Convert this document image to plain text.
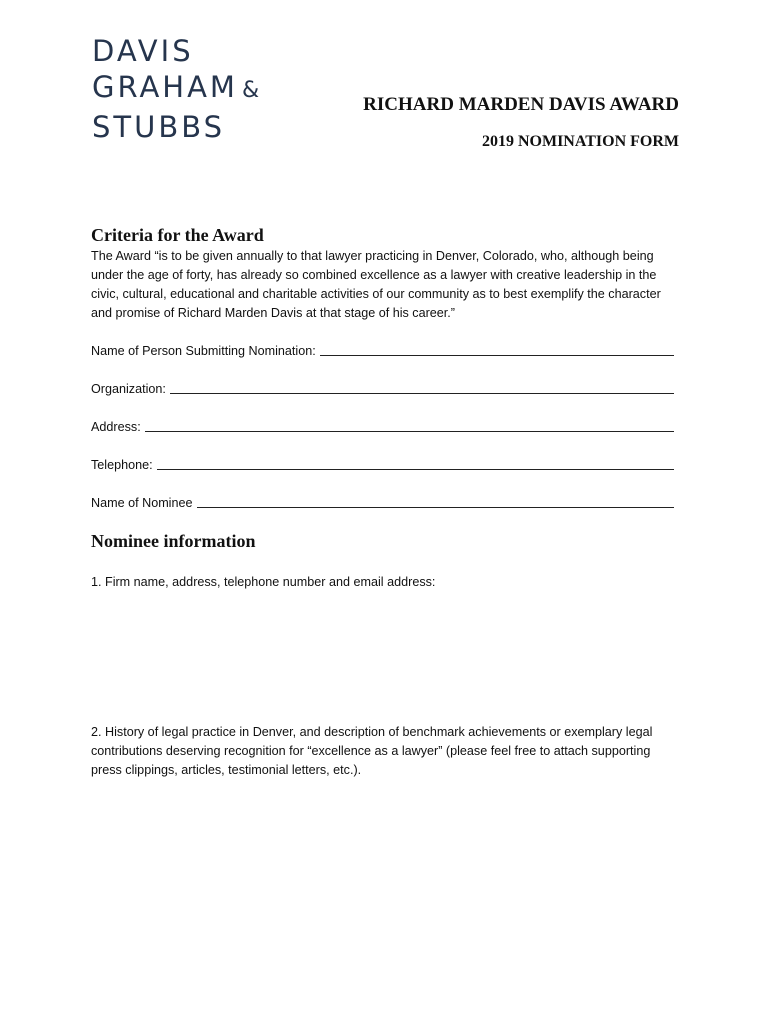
DAVIS
GRAHAM &
STUBBS
RICHARD MARDEN DAVIS AWARD
2019 NOMINATION FORM
Criteria for the Award
The Award “is to be given annually to that lawyer practicing in Denver, Colorado, who, although being under the age of forty, has already so combined excellence as a lawyer with creative leadership in the civic, cultural, educational and charitable activities of our community as to best exemplify the character and promise of Richard Marden Davis at that stage of his career.”
Name of Person Submitting Nomination:
Organization:
Address:
Telephone:
Name of Nominee
Nominee information
1. Firm name, address, telephone number and email address:
2. History of legal practice in Denver, and description of benchmark achievements or exemplary legal contributions deserving recognition for “excellence as a lawyer” (please feel free to attach supporting press clippings, articles, testimonial letters, etc.).
